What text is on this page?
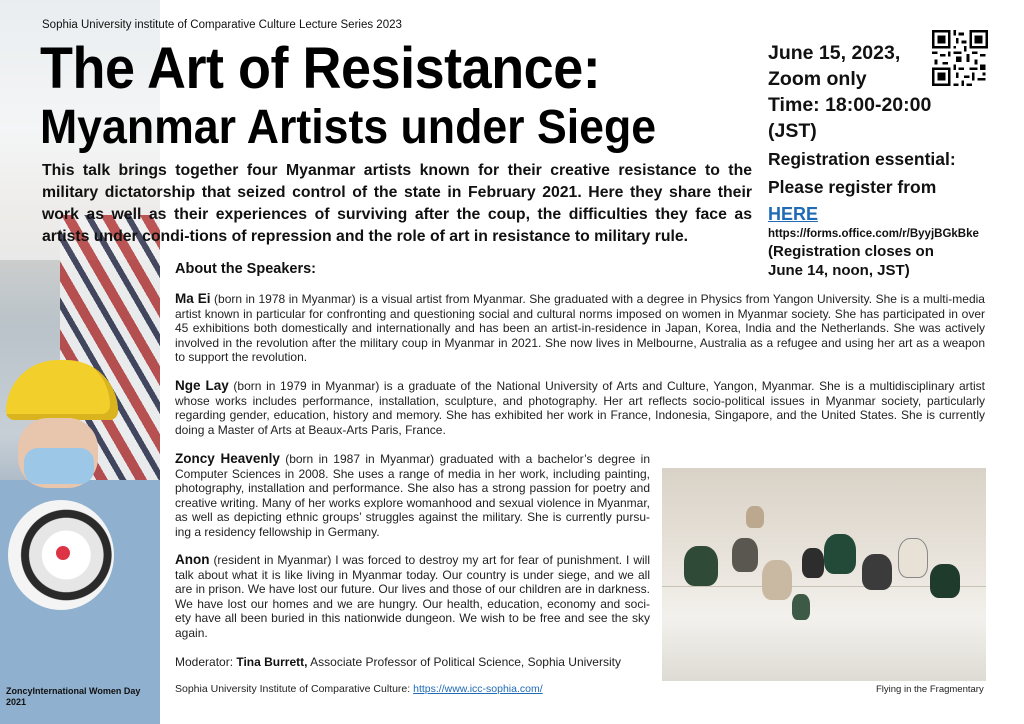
ZoncyInternational Women Day 2021
Sophia University institute of Comparative Culture Lecture Series 2023
The Art of Resistance:
Myanmar Artists under Siege
This talk brings together four Myanmar artists known for their creative resistance to the military dictatorship that seized control of the state in February 2021. Here they share their work as well as their experiences of surviving after the coup, the difficulties they face as artists under condi-tions of repression and the role of art in resistance to military rule.
June 15, 2023,
Zoom only
Time: 18:00-20:00
(JST)
Registration essential:
Please register from
HERE
https://forms.office.com/r/ByyjBGkBke
(Registration closes on June 14, noon, JST)
About the Speakers:
Ma Ei (born in 1978 in Myanmar) is a visual artist from Myanmar. She graduated with a degree in Physics from Yangon University. She is a multi-media artist known in particular for confronting and questioning social and cultural norms imposed on women in Myanmar society. She has participated in over 45 exhibitions both domestically and internationally and has been an artist-in-residence in Japan, Korea, India and the Netherlands. She was actively involved in the revolution after the military coup in Myanmar in 2021. She now lives in Melbourne, Australia as a refugee and using her art as a weapon to support the revolution.
Nge Lay (born in 1979 in Myanmar) is a graduate of the National University of Arts and Culture, Yangon, Myanmar. She is a multidisciplinary artist whose works includes performance, installation, sculpture, and photography. Her art reflects socio-political issues in Myanmar society, particularly regarding gender, education, history and memory. She has exhibited her work in France, Indonesia, Singapore, and the United States. She is currently doing a Master of Arts at Beaux-Arts Paris, France.
Zoncy Heavenly (born in 1987 in Myanmar) graduated with a bachelor’s degree in Computer Sciences in 2008. She uses a range of media in her work, including painting, photography, installation and performance. She also has a strong passion for poetry and creative writing. Many of her works explore womanhood and sexual violence in Myanmar, as well as depicting ethnic groups’ struggles against the military. She is currently pursu-ing a residency fellowship in Germany.
Anon (resident in Myanmar) I was forced to destroy my art for fear of punishment. I will talk about what it is like living in Myanmar today. Our country is under siege, and we all are in prison. We have lost our future. Our lives and those of our children are in darkness. We have lost our homes and we are hungry. Our health, education, economy and soci-ety have all been buried in this nationwide dungeon. We wish to be free and see the sky again.
Moderator: Tina Burrett, Associate Professor of Political Science, Sophia University
Sophia University Institute of Comparative Culture: https://www.icc-sophia.com/	Flying in the Fragmentary
